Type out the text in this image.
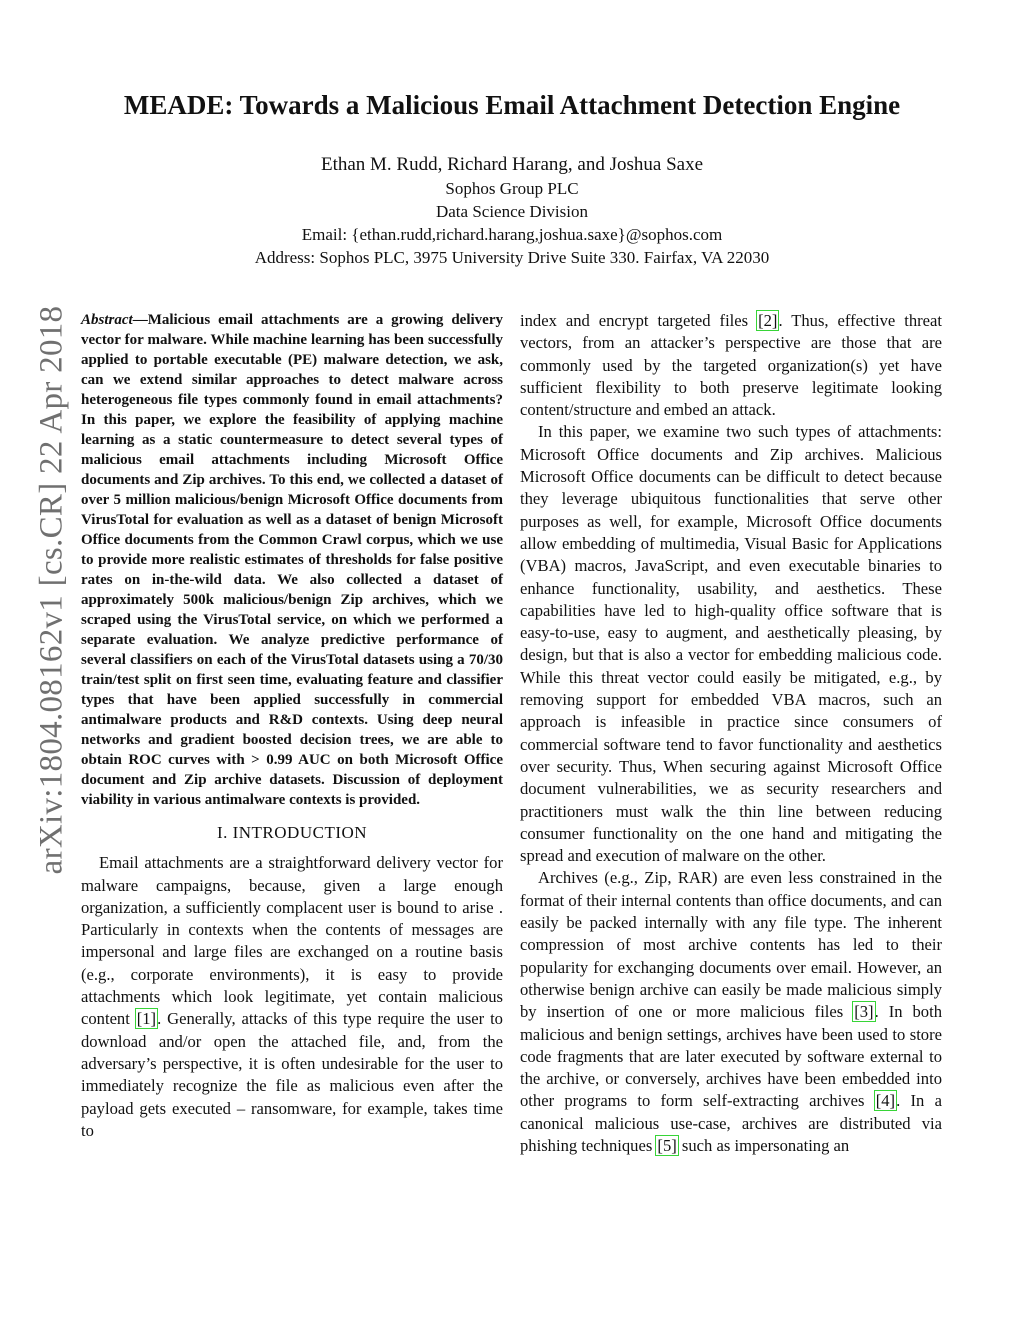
arXiv:1804.08162v1 [cs.CR] 22 Apr 2018
MEADE: Towards a Malicious Email Attachment Detection Engine
Ethan M. Rudd, Richard Harang, and Joshua Saxe
Sophos Group PLC
Data Science Division
Email: {ethan.rudd,richard.harang,joshua.saxe}@sophos.com
Address: Sophos PLC, 3975 University Drive Suite 330. Fairfax, VA 22030

Abstract—Malicious email attachments are a growing delivery vector for malware. While machine learning has been successfully applied to portable executable (PE) malware detection, we ask, can we extend similar approaches to detect malware across heterogeneous file types commonly found in email attachments? In this paper, we explore the feasibility of applying machine learning as a static countermeasure to detect several types of malicious email attachments including Microsoft Office documents and Zip archives. To this end, we collected a dataset of over 5 million malicious/benign Microsoft Office documents from VirusTotal for evaluation as well as a dataset of benign Microsoft Office documents from the Common Crawl corpus, which we use to provide more realistic estimates of thresholds for false positive rates on in-the-wild data. We also collected a dataset of approximately 500k malicious/benign Zip archives, which we scraped using the VirusTotal service, on which we performed a separate evaluation. We analyze predictive performance of several classifiers on each of the VirusTotal datasets using a 70/30 train/test split on first seen time, evaluating feature and classifier types that have been applied successfully in commercial antimalware products and R&D contexts. Using deep neural networks and gradient boosted decision trees, we are able to obtain ROC curves with > 0.99 AUC on both Microsoft Office document and Zip archive datasets. Discussion of deployment viability in various antimalware contexts is provided.

I. INTRODUCTION

Email attachments are a straightforward delivery vector for malware campaigns, because, given a large enough organization, a sufficiently complacent user is bound to arise . Particularly in contexts when the contents of messages are impersonal and large files are exchanged on a routine basis (e.g., corporate environments), it is easy to provide attachments which look legitimate, yet contain malicious content [1]. Generally, attacks of this type require the user to download and/or open the attached file, and, from the adversary’s perspective, it is often undesirable for the user to immediately recognize the file as malicious even after the payload gets executed – ransomware, for example, takes time to

index and encrypt targeted files [2]. Thus, effective threat vectors, from an attacker’s perspective are those that are commonly used by the targeted organization(s) yet have sufficient flexibility to both preserve legitimate looking content/structure and embed an attack.

In this paper, we examine two such types of attachments: Microsoft Office documents and Zip archives. Malicious Microsoft Office documents can be difficult to detect because they leverage ubiquitous functionalities that serve other purposes as well, for example, Microsoft Office documents allow embedding of multimedia, Visual Basic for Applications (VBA) macros, JavaScript, and even executable binaries to enhance functionality, usability, and aesthetics. These capabilities have led to high-quality office software that is easy-to-use, easy to augment, and aesthetically pleasing, by design, but that is also a vector for embedding malicious code. While this threat vector could easily be mitigated, e.g., by removing support for embedded VBA macros, such an approach is infeasible in practice since consumers of commercial software tend to favor functionality and aesthetics over security. Thus, When securing against Microsoft Office document vulnerabilities, we as security researchers and practitioners must walk the thin line between reducing consumer functionality on the one hand and mitigating the spread and execution of malware on the other.

Archives (e.g., Zip, RAR) are even less constrained in the format of their internal contents than office documents, and can easily be packed internally with any file type. The inherent compression of most archive contents has led to their popularity for exchanging documents over email. However, an otherwise benign archive can easily be made malicious simply by insertion of one or more malicious files [3]. In both malicious and benign settings, archives have been used to store code fragments that are later executed by software external to the archive, or conversely, archives have been embedded into other programs to form self-extracting archives [4]. In a canonical malicious use-case, archives are distributed via phishing techniques [5] such as impersonating an
